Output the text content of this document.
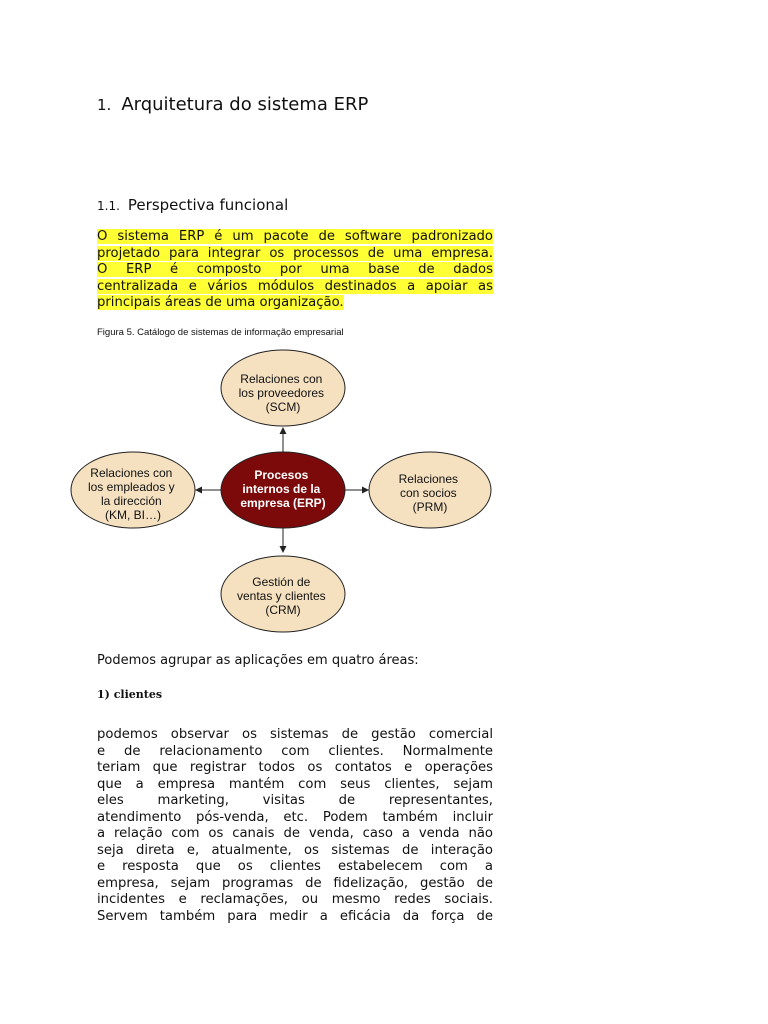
1. Arquitetura do sistema ERP
1.1. Perspectiva funcional
O sistema ERP é um pacote de software padronizado
projetado para integrar os processos de uma empresa.
O ERP é composto por uma base de dados
centralizada e vários módulos destinados a apoiar as
principais áreas de uma organização.
Figura 5. Catálogo de sistemas de informação empresarial
Relaciones con los proveedores (SCM)
Relaciones con los empleados y la dirección (KM, BI…)
Procesos internos de la empresa (ERP)
Relaciones con socios (PRM)
Gestión de ventas y clientes (CRM)
Podemos agrupar as aplicações em quatro áreas:
1) clientes
podemos observar os sistemas de gestão comercial
e de relacionamento com clientes. Normalmente
teriam que registrar todos os contatos e operações
que a empresa mantém com seus clientes, sejam
eles marketing, visitas de representantes,
atendimento pós-venda, etc. Podem também incluir
a relação com os canais de venda, caso a venda não
seja direta e, atualmente, os sistemas de interação
e resposta que os clientes estabelecem com a
empresa, sejam programas de fidelização, gestão de
incidentes e reclamações, ou mesmo redes sociais.
Servem também para medir a eficácia da força de
